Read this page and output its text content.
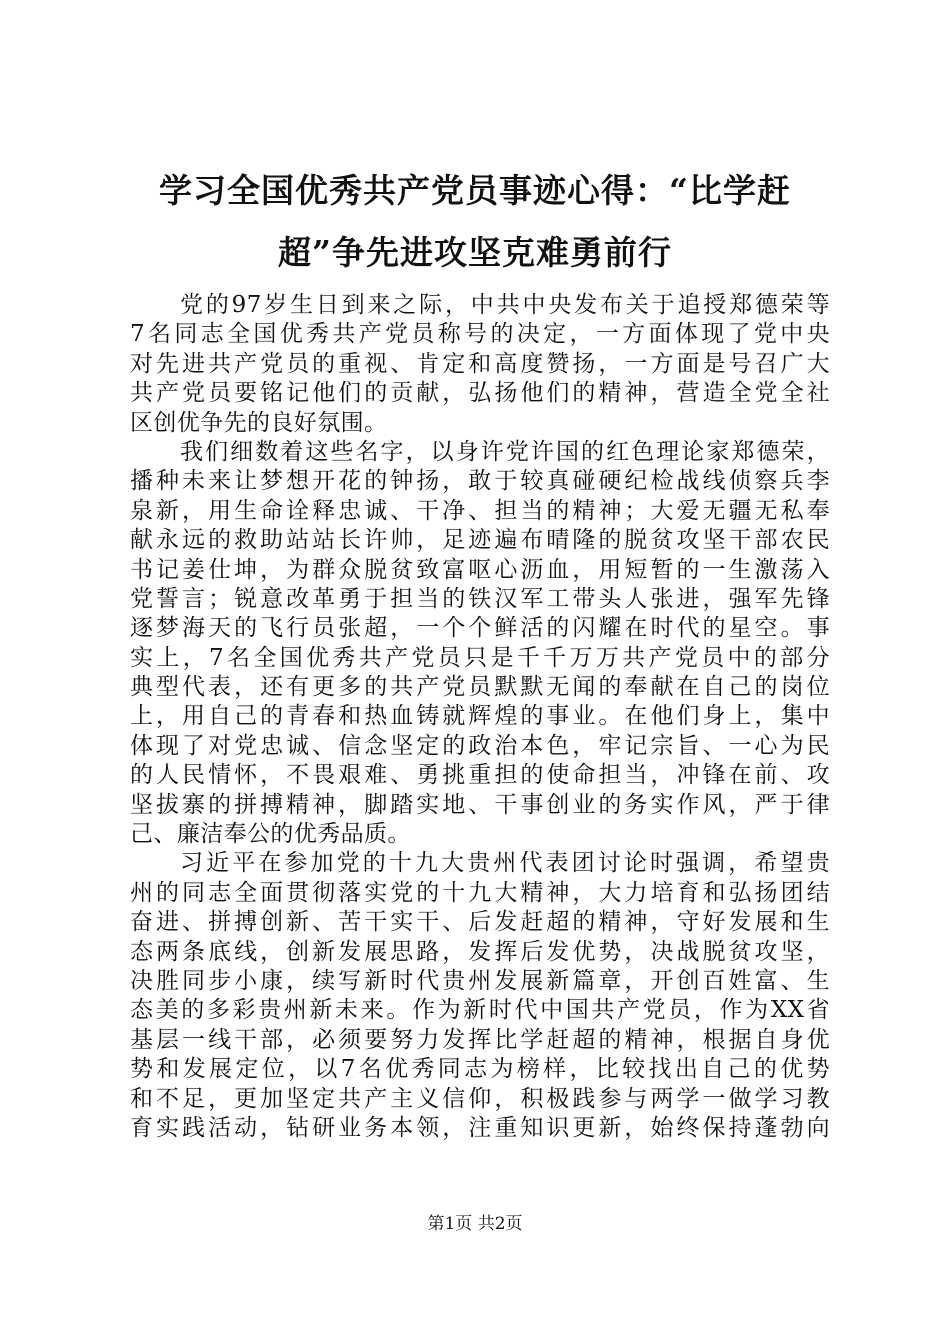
学习全国优秀共产党员事迹心得：“比学赶
超”争先进攻坚克难勇前行
党的97岁生日到来之际，中共中央发布关于追授郑德荣等
7名同志全国优秀共产党员称号的决定，一方面体现了党中央
对先进共产党员的重视、肯定和高度赞扬，一方面是号召广大
共产党员要铭记他们的贡献，弘扬他们的精神，营造全党全社
区创优争先的良好氛围。
我们细数着这些名字，以身许党许国的红色理论家郑德荣，
播种未来让梦想开花的钟扬，敢于较真碰硬纪检战线侦察兵李
泉新，用生命诠释忠诚、干净、担当的精神；大爱无疆无私奉
献永远的救助站站长许帅，足迹遍布晴隆的脱贫攻坚干部农民
书记姜仕坤，为群众脱贫致富呕心沥血，用短暂的一生激荡入
党誓言；锐意改革勇于担当的铁汉军工带头人张进，强军先锋
逐梦海天的飞行员张超，一个个鲜活的闪耀在时代的星空。事
实上，7名全国优秀共产党员只是千千万万共产党员中的部分
典型代表，还有更多的共产党员默默无闻的奉献在自己的岗位
上，用自己的青春和热血铸就辉煌的事业。在他们身上，集中
体现了对党忠诚、信念坚定的政治本色，牢记宗旨、一心为民
的人民情怀，不畏艰难、勇挑重担的使命担当，冲锋在前、攻
坚拔寨的拼搏精神，脚踏实地、干事创业的务实作风，严于律
己、廉洁奉公的优秀品质。
习近平在参加党的十九大贵州代表团讨论时强调，希望贵
州的同志全面贯彻落实党的十九大精神，大力培育和弘扬团结
奋进、拼搏创新、苦干实干、后发赶超的精神，守好发展和生
态两条底线，创新发展思路，发挥后发优势，决战脱贫攻坚，
决胜同步小康，续写新时代贵州发展新篇章，开创百姓富、生
态美的多彩贵州新未来。作为新时代中国共产党员，作为XX省
基层一线干部，必须要努力发挥比学赶超的精神，根据自身优
势和发展定位，以7名优秀同志为榜样，比较找出自己的优势
和不足，更加坚定共产主义信仰，积极践参与两学一做学习教
育实践活动，钻研业务本领，注重知识更新，始终保持蓬勃向
第1页 共2页
